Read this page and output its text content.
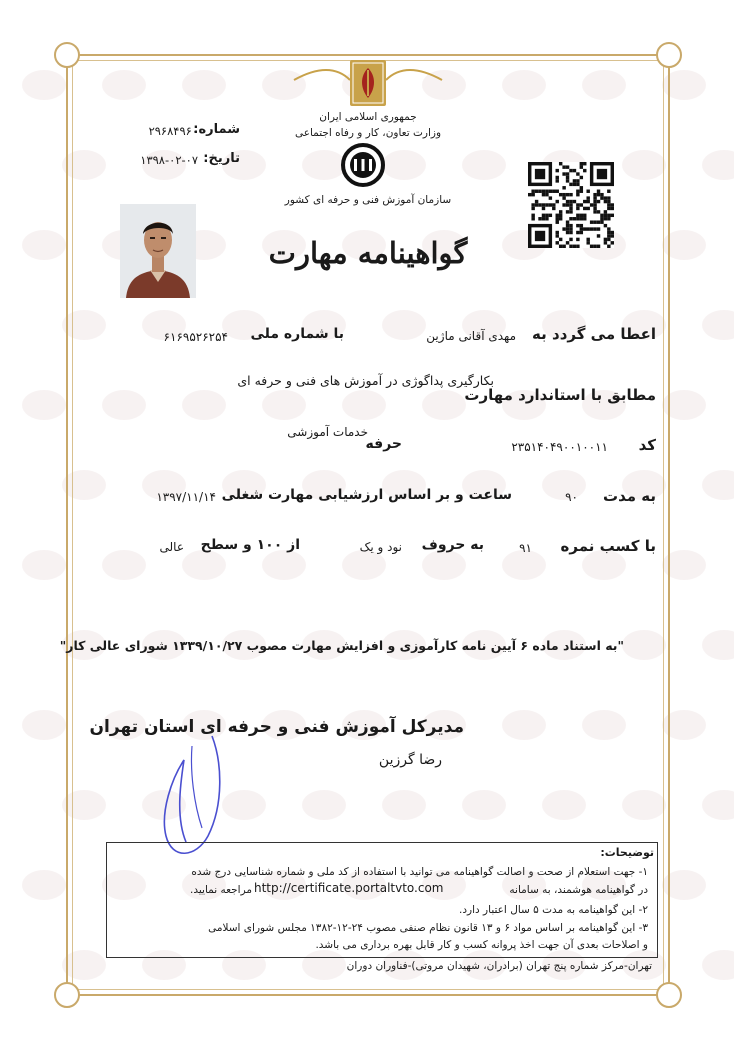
جمهوری اسلامی ایران
وزارت تعاون، کار و رفاه اجتماعی
سازمان آموزش فنی و حرفه ای کشور
شماره:
۲۹۶۸۴۹۶۰
تاریخ:
۱۳۹۸-۰۲-۰۷
گواهینامه مهارت
اعطا می گردد به
مهدی آقانی ماژین
با شماره ملی
۶۱۶۹۵۲۶۲۵۴
مطابق با استاندارد مهارت
بکارگیری پداگوژی در آموزش های فنی و حرفه ای
کد
۲۳۵۱۴۰۴۹۰۰۱۰۰۱۱
حرفه
خدمات آموزشی
به مدت
۹۰
ساعت و بر اساس ارزشیابی مهارت شغلی
۱۳۹۷/۱۱/۱۴
با کسب نمره
۹۱
به حروف
نود و یک
از ۱۰۰ و سطح
عالی
"به استناد ماده ۶ آیین نامه کارآموزی و افزایش مهارت مصوب ۱۳۳۹/۱۰/۲۷ شورای عالی کار"
مدیرکل آموزش فنی و حرفه ای استان تهران
رضا گرزین
توضیحات:
۱- جهت استعلام از صحت و اصالت گواهینامه می توانید با استفاده از کد ملی و شماره شناسایی درج شده
در گواهینامه هوشمند، به سامانه
http://certificate.portaltvto.com
مراجعه نمایید.
۲- این گواهینامه به مدت ۵ سال اعتبار دارد.
۳- این گواهینامه بر اساس مواد ۶ و ۱۳ قانون نظام صنفی مصوب ۲۴-۱۲-۱۳۸۲ مجلس شورای اسلامی
و اصلاحات بعدی آن جهت اخذ پروانه کسب و کار قابل بهره برداری می باشد.
تهران-مرکز شماره پنج تهران (برادران، شهیدان مروتی)-فناوران دوران
